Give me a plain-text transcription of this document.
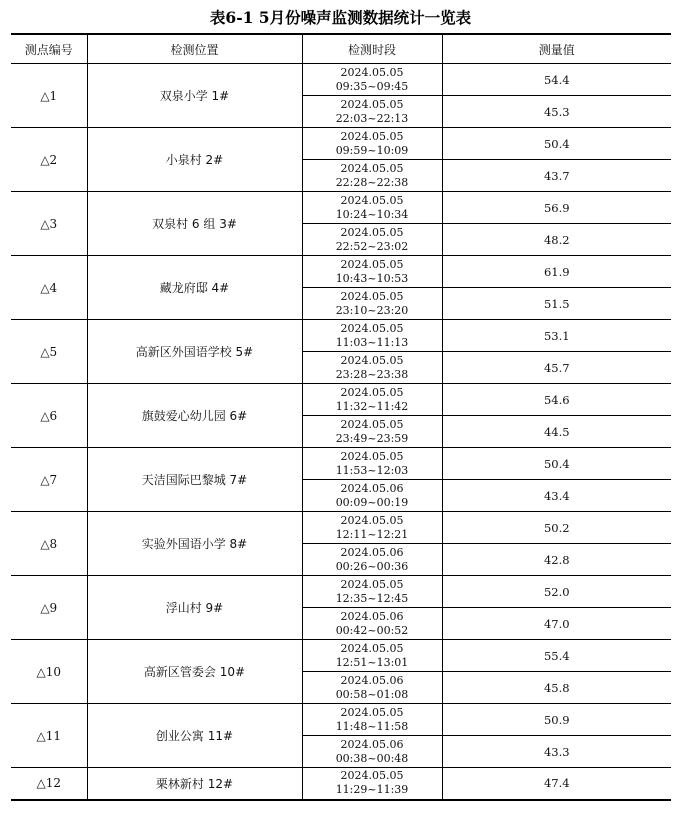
表6-1 5月份噪声监测数据统计一览表
测点编号	检测位置	检测时段	测量值
△1	双泉小学 1#	2024.05.05
09:35~09:45	54.4

		2024.05.05
22:03~22:13	45.3
△2	小泉村 2#	2024.05.05
09:59~10:09	50.4

		2024.05.05
22:28~22:38	43.7
△3	双泉村 6 组 3#	2024.05.05
10:24~10:34	56.9

		2024.05.05
22:52~23:02	48.2
△4	藏龙府邸 4#	2024.05.05
10:43~10:53	61.9

		2024.05.05
23:10~23:20	51.5
△5	高新区外国语学校 5#	2024.05.05
11:03~11:13	53.1

		2024.05.05
23:28~23:38	45.7
△6	旗鼓爱心幼儿园 6#	2024.05.05
11:32~11:42	54.6

		2024.05.05
23:49~23:59	44.5
△7	天洁国际巴黎城 7#	2024.05.05
11:53~12:03	50.4

		2024.05.06
00:09~00:19	43.4
△8	实验外国语小学 8#	2024.05.05
12:11~12:21	50.2

		2024.05.06
00:26~00:36	42.8
△9	浮山村 9#	2024.05.05
12:35~12:45	52.0

		2024.05.06
00:42~00:52	47.0
△10	高新区管委会 10#	2024.05.05
12:51~13:01	55.4

		2024.05.06
00:58~01:08	45.8
△11	创业公寓 11#	2024.05.05
11:48~11:58	50.9

		2024.05.06
00:38~00:48	43.3
△12	栗林新村 12#	2024.05.05
11:29~11:39	47.4
